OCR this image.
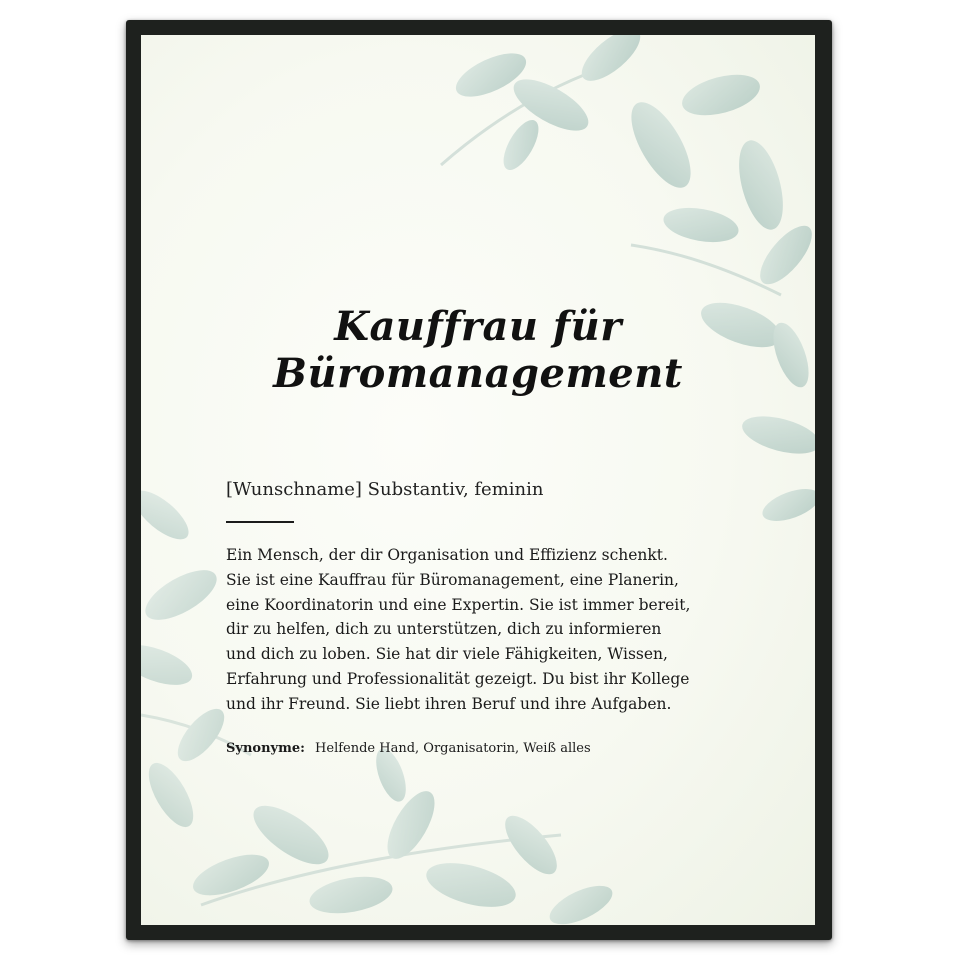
Kauffrau für Büromanagement

[Wunschname] Substantiv, feminin

Ein Mensch, der dir Organisation und Effizienz schenkt.
Sie ist eine Kauffrau für Büromanagement, eine Planerin,
eine Koordinatorin und eine Expertin. Sie ist immer bereit,
dir zu helfen, dich zu unterstützen, dich zu informieren
und dich zu loben. Sie hat dir viele Fähigkeiten, Wissen,
Erfahrung und Professionalität gezeigt. Du bist ihr Kollege
und ihr Freund. Sie liebt ihren Beruf und ihre Aufgaben.

Synonyme: Helfende Hand, Organisatorin, Weiß alles
